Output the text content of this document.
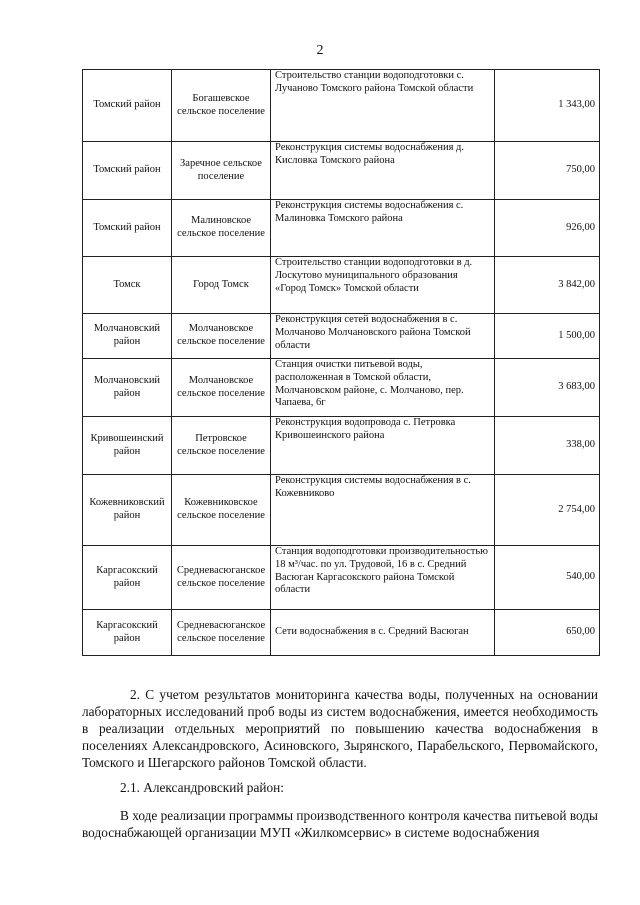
2
Томский район	Богашевское сельское поселение	Строительство станции водоподготовки с. Лучаново Томского района Томской области	1 343,00
Томский район	Заречное сельское поселение	Реконструкция системы водоснабжения д. Кисловка Томского района	750,00
Томский район	Малиновское сельское поселение	Реконструкция системы водоснабжения с. Малиновка Томского района	926,00
Томск	Город Томск	Строительство станции водоподготовки в д. Лоскутово муниципального образования «Город Томск» Томской области	3 842,00
Молчановский район	Молчановское сельское поселение	Реконструкция сетей водоснабжения в с. Молчаново Молчановского района Томской области	1 500,00
Молчановский район	Молчановское сельское поселение	Станция очистки питьевой воды, расположенная в Томской области, Молчановском районе, с. Молчаново, пер. Чапаева, 6г	3 683,00
Кривошеинский район	Петровское сельское поселение	Реконструкция водопровода с. Петровка Кривошеинского района	338,00
Кожевниковский район	Кожевниковское сельское поселение	Реконструкция системы водоснабжения в с. Кожевниково	2 754,00
Каргасокский район	Средневасюганское сельское поселение	Станция водоподготовки производительностью 18 м³/час. по ул. Трудовой, 16 в с. Средний Васюган Каргасокского района Томской области	540,00
Каргасокский район	Средневасюганское сельское поселение	Сети водоснабжения в с. Средний Васюган	650,00

2. С учетом результатов мониторинга качества воды, полученных на основании лабораторных исследований проб воды из систем водоснабжения, имеется необходимость в реализации отдельных мероприятий по повышению качества водоснабжения в поселениях Александровского, Асиновского, Зырянского, Парабельского, Первомайского, Томского и Шегарского районов Томской области.

2.1. Александровский район:

В ходе реализации программы производственного контроля качества питьевой воды водоснабжающей организации МУП «Жилкомсервис» в системе водоснабжения
